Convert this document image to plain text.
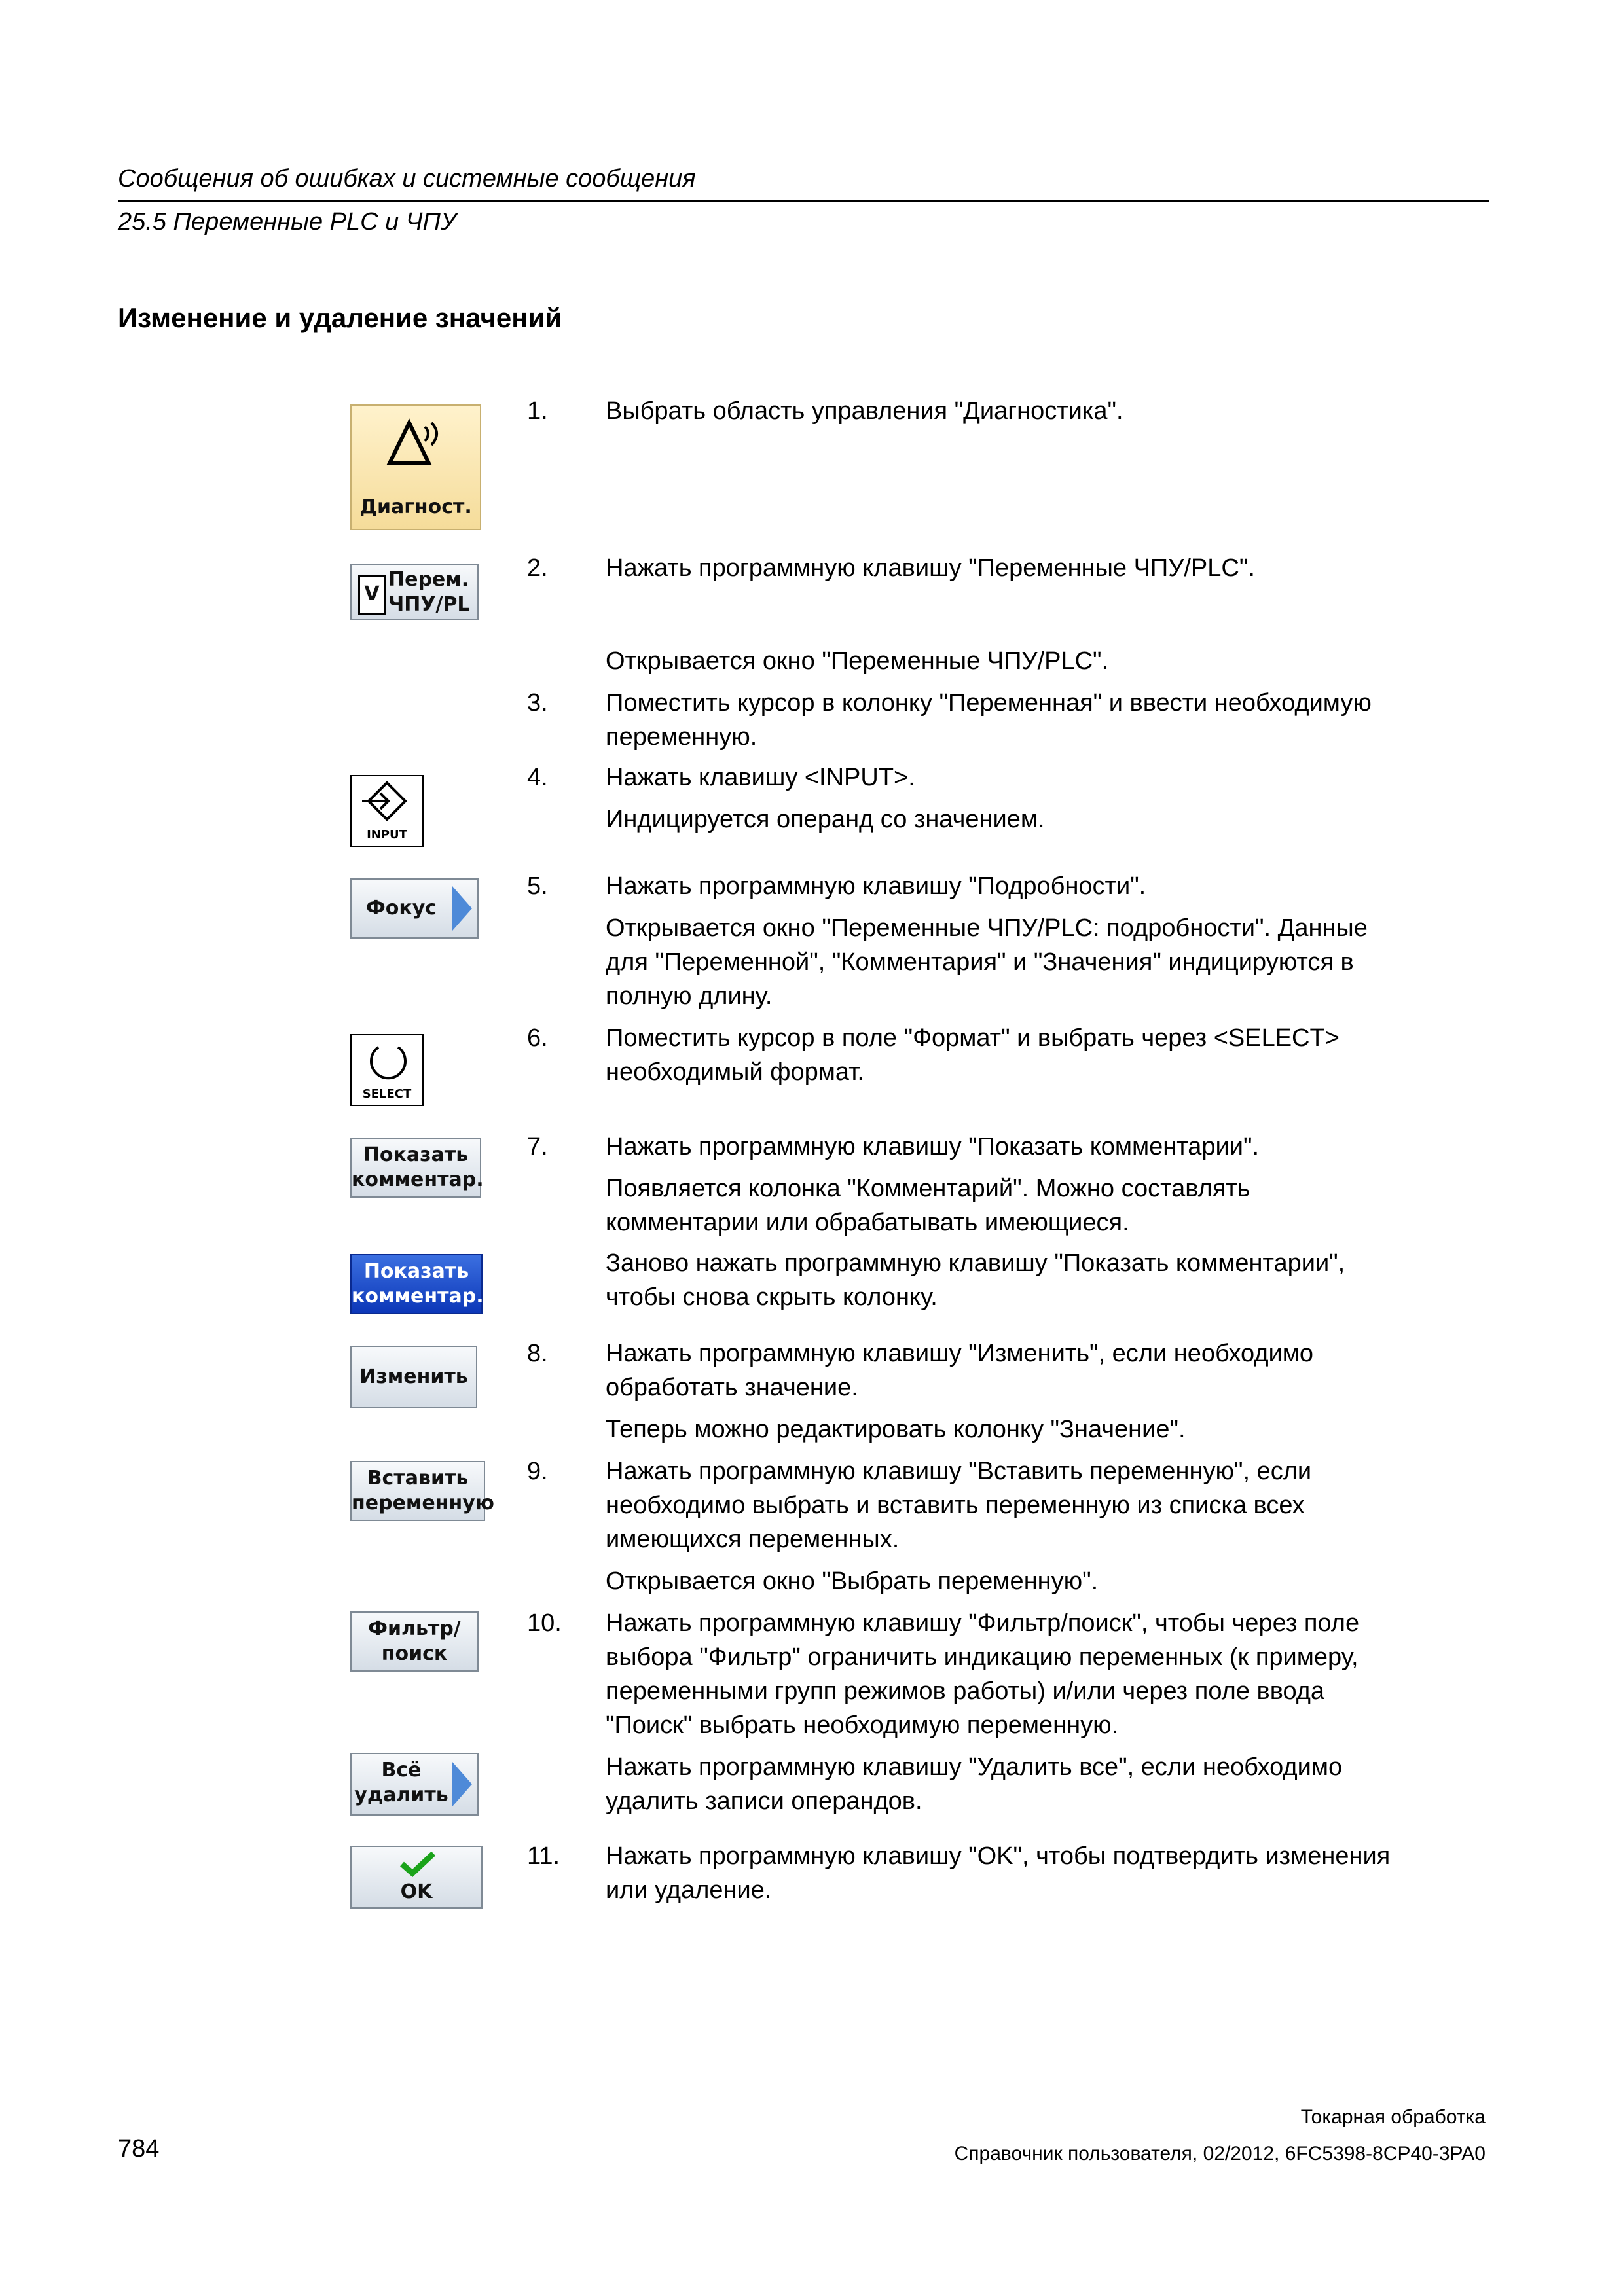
Сообщения об ошибках и системные сообщения
25.5 Переменные PLC и ЧПУ
Изменение и удаление значений
Диагност.
V
Перем.
ЧПУ/PL
INPUT
Фокус
SELECT
Показать
комментар.
Показать
комментар.
Изменить
Вставить
переменную
Фильтр/
поиск
Всё
удалить
OK
1. Выбрать область управления "Диагностика".
2. Нажать программную клавишу "Переменные ЧПУ/PLC".
Открывается окно "Переменные ЧПУ/PLC".
3. Поместить курсор в колонку "Переменная" и ввести необходимую
переменную.
4. Нажать клавишу <INPUT>.
Индицируется операнд со значением.
5. Нажать программную клавишу "Подробности".
Открывается окно "Переменные ЧПУ/PLC: подробности". Данные
для "Переменной", "Комментария" и "Значения" индицируются в
полную длину.
6. Поместить курсор в поле "Формат" и выбрать через <SELECT>
необходимый формат.
7. Нажать программную клавишу "Показать комментарии".
Появляется колонка "Комментарий". Можно составлять
комментарии или обрабатывать имеющиеся.
Заново нажать программную клавишу "Показать комментарии",
чтобы снова скрыть колонку.
8. Нажать программную клавишу "Изменить", если необходимо
обработать значение.
Теперь можно редактировать колонку "Значение".
9. Нажать программную клавишу "Вставить переменную", если
необходимо выбрать и вставить переменную из списка всех
имеющихся переменных.
Открывается окно "Выбрать переменную".
10. Нажать программную клавишу "Фильтр/поиск", чтобы через поле
выбора "Фильтр" ограничить индикацию переменных (к примеру,
переменными групп режимов работы) и/или через поле ввода
"Поиск" выбрать необходимую переменную.
Нажать программную клавишу "Удалить все", если необходимо
удалить записи операндов.
11. Нажать программную клавишу "OK", чтобы подтвердить изменения
или удаление.
Токарная обработка
784	Справочник пользователя, 02/2012, 6FC5398-8CP40-3PA0
